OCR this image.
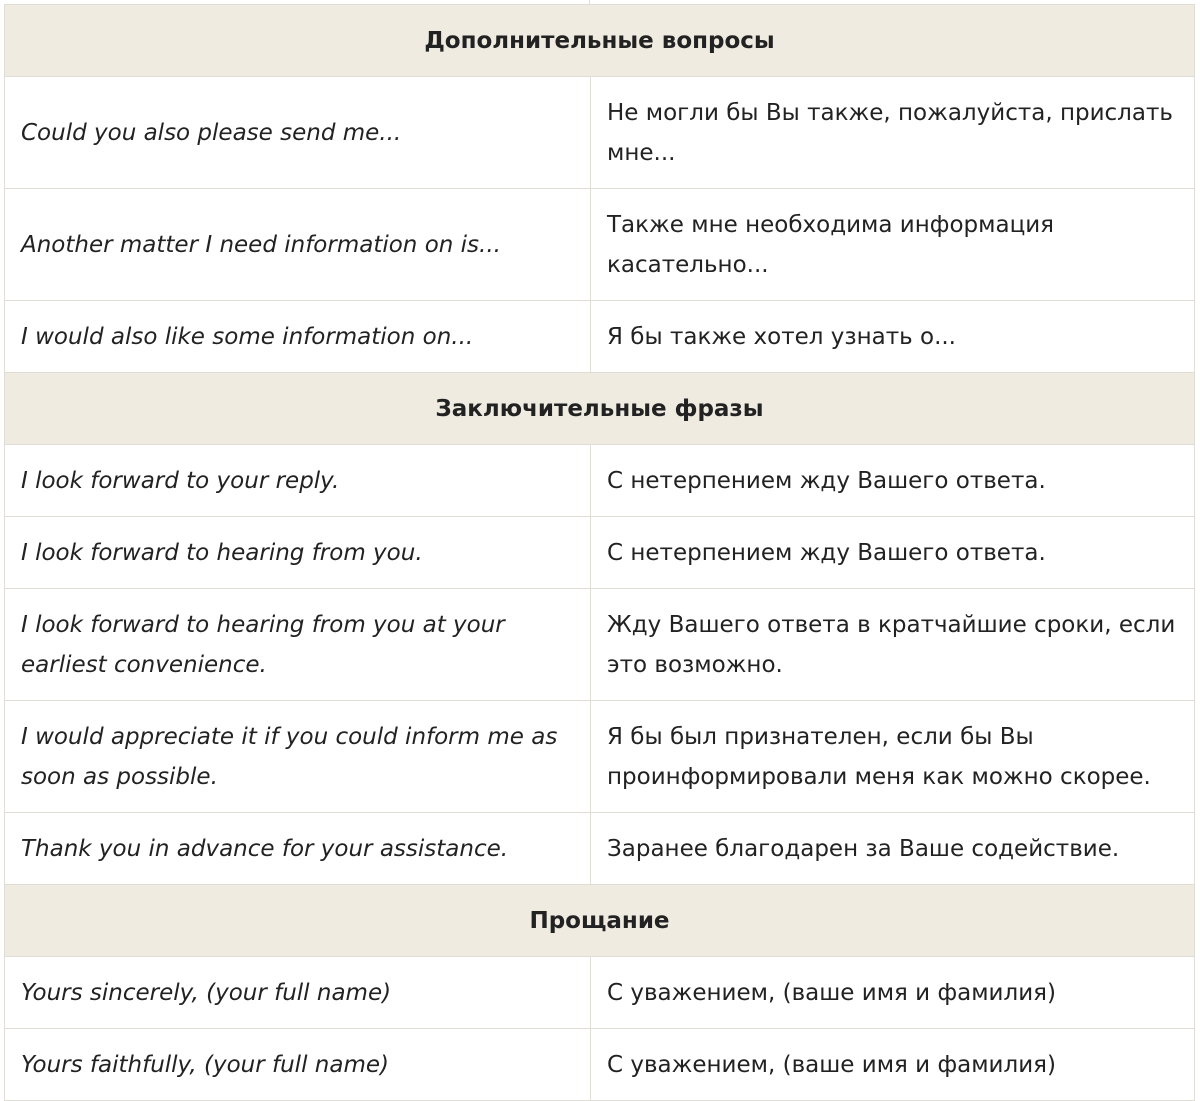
Дополнительные вопросы	
Could you also please send me...	Не могли бы Вы также, пожалуйста, прислать мне...
Another matter I need information on is...	Также мне необходима информация касательно...
I would also like some information on...	Я бы также хотел узнать о...
Заключительные фразы	
I look forward to your reply.	С нетерпением жду Вашего ответа.
I look forward to hearing from you.	С нетерпением жду Вашего ответа.
I look forward to hearing from you at your earliest convenience.	Жду Вашего ответа в кратчайшие сроки, если это возможно.
I would appreciate it if you could inform me as soon as possible.	Я бы был признателен, если бы Вы проинформировали меня как можно скорее.
Thank you in advance for your assistance.	Заранее благодарен за Ваше содействие.
Прощание	
Yours sincerely, (your full name)	С уважением, (ваше имя и фамилия)
Yours faithfully, (your full name)	С уважением, (ваше имя и фамилия)
